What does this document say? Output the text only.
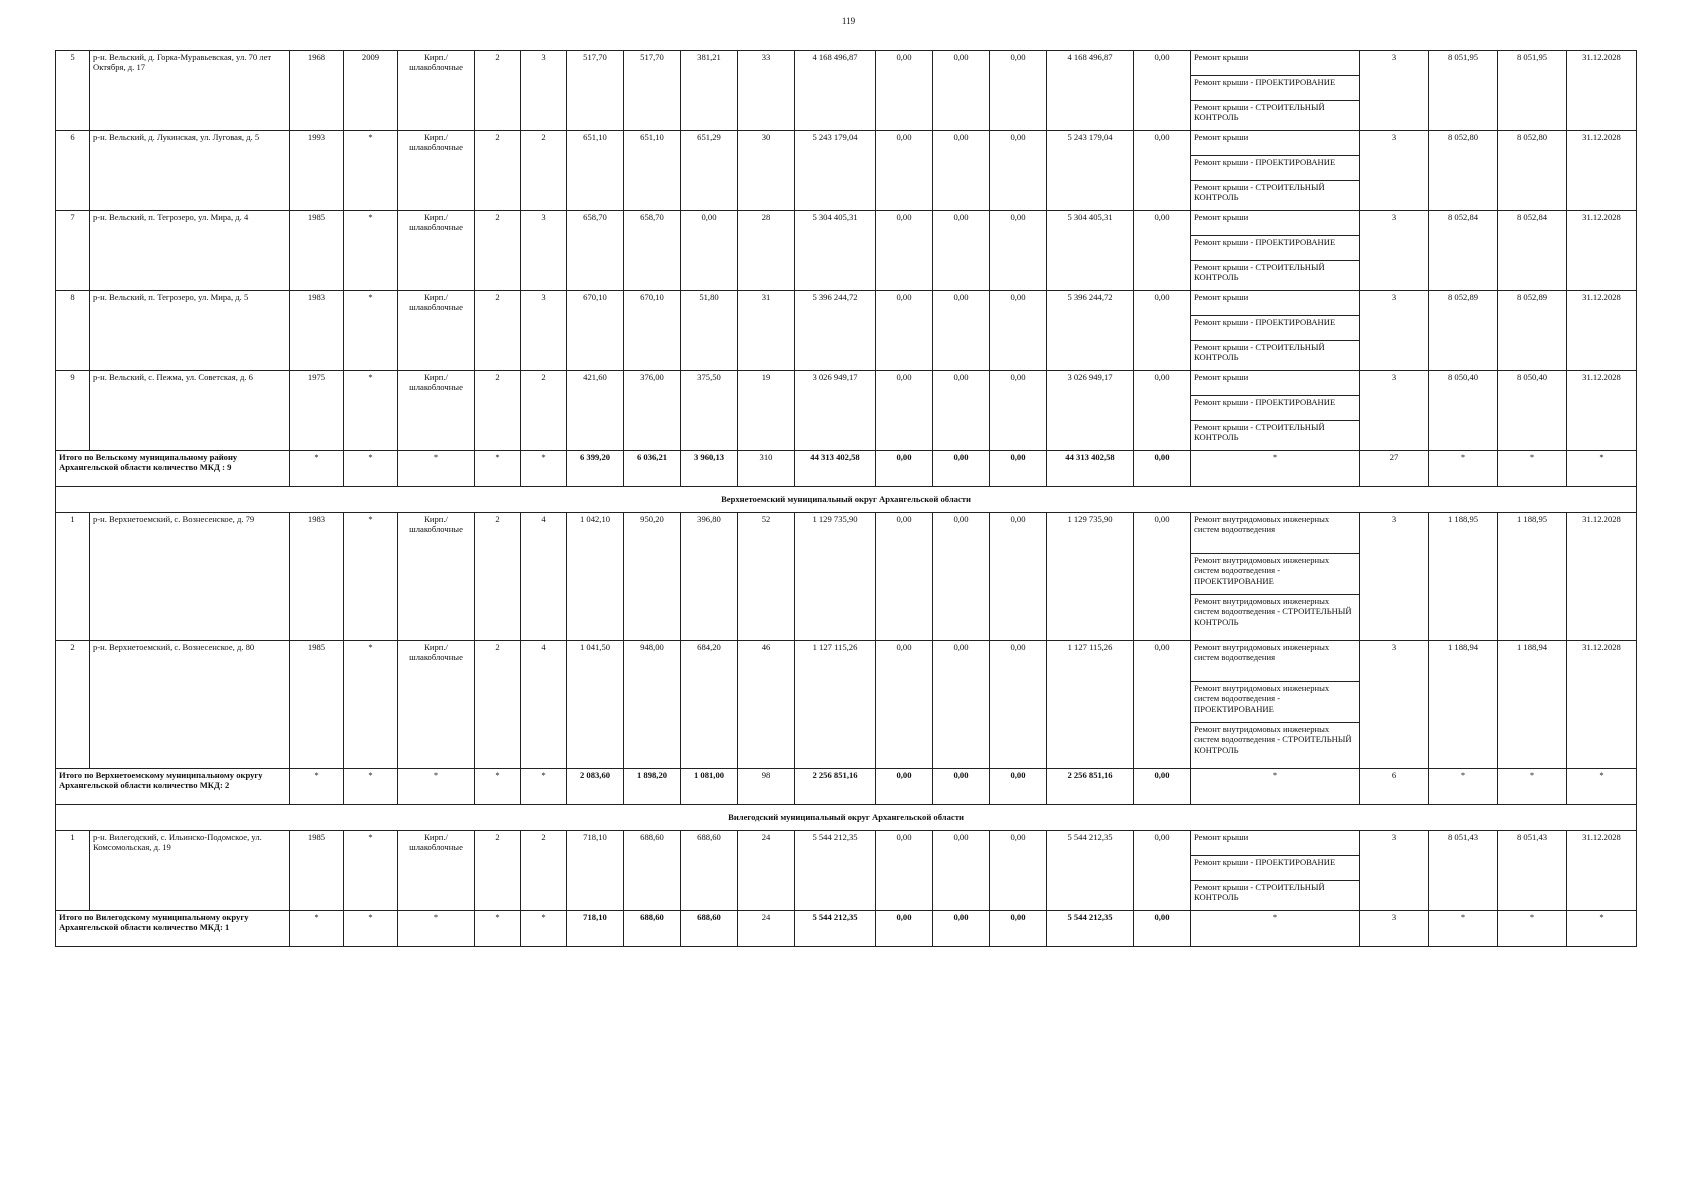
119
5	р-н. Вельский, д. Горка-Муравьевская, ул. 70 лет Октября, д. 17	1968	2009	Кирп./ шлакоблочные	2	3	517,70	517,70	381,21	33	4 168 496,87	0,00	0,00	0,00	4 168 496,87	0,00	Ремонт крыши
Ремонт крыши - ПРОЕКТИРОВАНИЕ
Ремонт крыши - СТРОИТЕЛЬНЫЙ КОНТРОЛЬ	3	8 051,95	8 051,95	31.12.2028
6	р-н. Вельский, д. Лукинская, ул. Луговая, д. 5	1993	*	Кирп./ шлакоблочные	2	2	651,10	651,10	651,29	30	5 243 179,04	0,00	0,00	0,00	5 243 179,04	0,00	Ремонт крыши
Ремонт крыши - ПРОЕКТИРОВАНИЕ
Ремонт крыши - СТРОИТЕЛЬНЫЙ КОНТРОЛЬ	3	8 052,80	8 052,80	31.12.2028
7	р-н. Вельский, п. Тегрозеро, ул. Мира, д. 4	1985	*	Кирп./ шлакоблочные	2	3	658,70	658,70	0,00	28	5 304 405,31	0,00	0,00	0,00	5 304 405,31	0,00	Ремонт крыши
Ремонт крыши - ПРОЕКТИРОВАНИЕ
Ремонт крыши - СТРОИТЕЛЬНЫЙ КОНТРОЛЬ	3	8 052,84	8 052,84	31.12.2028
8	р-н. Вельский, п. Тегрозеро, ул. Мира, д. 5	1983	*	Кирп./ шлакоблочные	2	3	670,10	670,10	51,80	31	5 396 244,72	0,00	0,00	0,00	5 396 244,72	0,00	Ремонт крыши
Ремонт крыши - ПРОЕКТИРОВАНИЕ
Ремонт крыши - СТРОИТЕЛЬНЫЙ КОНТРОЛЬ	3	8 052,89	8 052,89	31.12.2028
9	р-н. Вельский, с. Пежма, ул. Советская, д. 6	1975	*	Кирп./ шлакоблочные	2	2	421,60	376,00	375,50	19	3 026 949,17	0,00	0,00	0,00	3 026 949,17	0,00	Ремонт крыши
Ремонт крыши - ПРОЕКТИРОВАНИЕ
Ремонт крыши - СТРОИТЕЛЬНЫЙ КОНТРОЛЬ	3	8 050,40	8 050,40	31.12.2028
Итого по Вельскому муниципальному району Архангельской области количество МКД : 9		*	*	*	*	*	6 399,20	6 036,21	3 960,13	310	44 313 402,58	0,00	0,00	0,00	44 313 402,58	0,00	*	27	*	*	*
Верхнетоемский муниципальный округ Архангельской области																					
1	р-н. Верхнетоемский, с. Вознесенское, д. 79	1983	*	Кирп./ шлакоблочные	2	4	1 042,10	950,20	396,80	52	1 129 735,90	0,00	0,00	0,00	1 129 735,90	0,00	Ремонт внутридомовых инженерных систем водоотведения
Ремонт внутридомовых инженерных систем водоотведения - ПРОЕКТИРОВАНИЕ
Ремонт внутридомовых инженерных систем водоотведения - СТРОИТЕЛЬНЫЙ КОНТРОЛЬ	3	1 188,95	1 188,95	31.12.2028
2	р-н. Верхнетоемский, с. Вознесенское, д. 80	1985	*	Кирп./ шлакоблочные	2	4	1 041,50	948,00	684,20	46	1 127 115,26	0,00	0,00	0,00	1 127 115,26	0,00	Ремонт внутридомовых инженерных систем водоотведения
Ремонт внутридомовых инженерных систем водоотведения - ПРОЕКТИРОВАНИЕ
Ремонт внутридомовых инженерных систем водоотведения - СТРОИТЕЛЬНЫЙ КОНТРОЛЬ	3	1 188,94	1 188,94	31.12.2028
Итого по Верхнетоемскому муниципальному округу Архангельской области количество МКД: 2		*	*	*	*	*	2 083,60	1 898,20	1 081,00	98	2 256 851,16	0,00	0,00	0,00	2 256 851,16	0,00	*	6	*	*	*
Вилегодский муниципальный округ Архангельской области																					
1	р-н. Вилегодский, с. Ильинско-Подомское, ул. Комсомольская, д. 19	1985	*	Кирп./ шлакоблочные	2	2	718,10	688,60	688,60	24	5 544 212,35	0,00	0,00	0,00	5 544 212,35	0,00	Ремонт крыши
Ремонт крыши - ПРОЕКТИРОВАНИЕ
Ремонт крыши - СТРОИТЕЛЬНЫЙ КОНТРОЛЬ	3	8 051,43	8 051,43	31.12.2028
Итого по Вилегодскому муниципальному округу Архангельской области количество МКД: 1		*	*	*	*	*	718,10	688,60	688,60	24	5 544 212,35	0,00	0,00	0,00	5 544 212,35	0,00	*	3	*	*	*
